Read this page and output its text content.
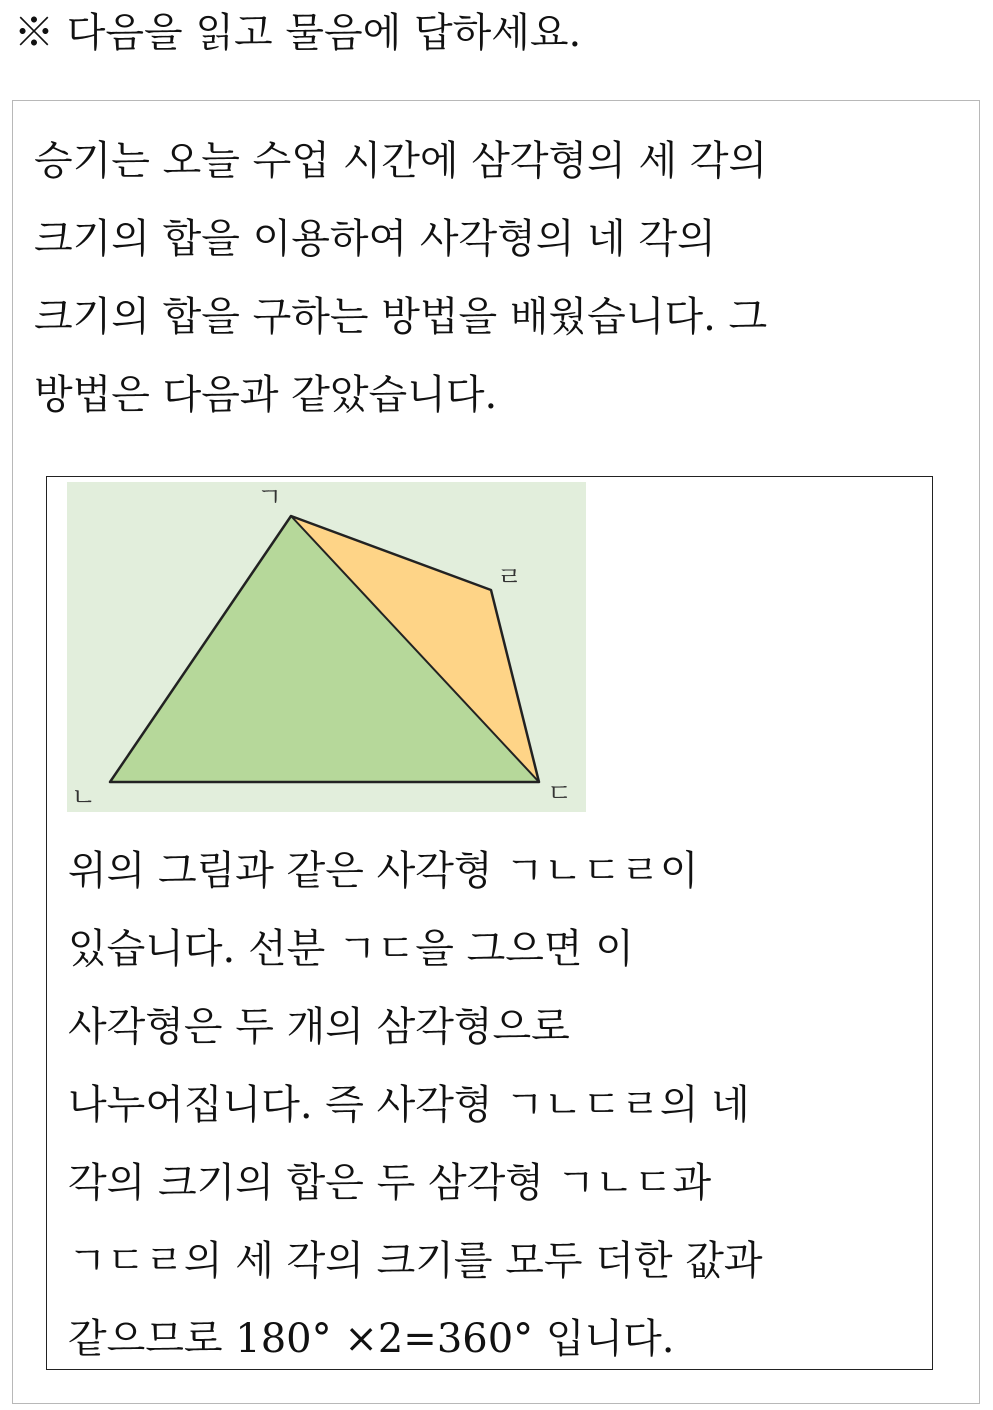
※ 다음을 읽고 물음에 답하세요.
승기는 오늘 수업 시간에 삼각형의 세 각의
크기의 합을 이용하여 사각형의 네 각의
크기의 합을 구하는 방법을 배웠습니다. 그
방법은 다음과 같았습니다.
ㄱ
ㄹ
ㄴ	ㄷ
위의 그림과 같은 사각형 ㄱㄴㄷㄹ이
있습니다. 선분 ㄱㄷ을 그으면 이
사각형은 두 개의 삼각형으로
나누어집니다. 즉 사각형 ㄱㄴㄷㄹ의 네
각의 크기의 합은 두 삼각형 ㄱㄴㄷ과
ㄱㄷㄹ의 세 각의 크기를 모두 더한 값과
같으므로 180° ×2=360° 입니다.
